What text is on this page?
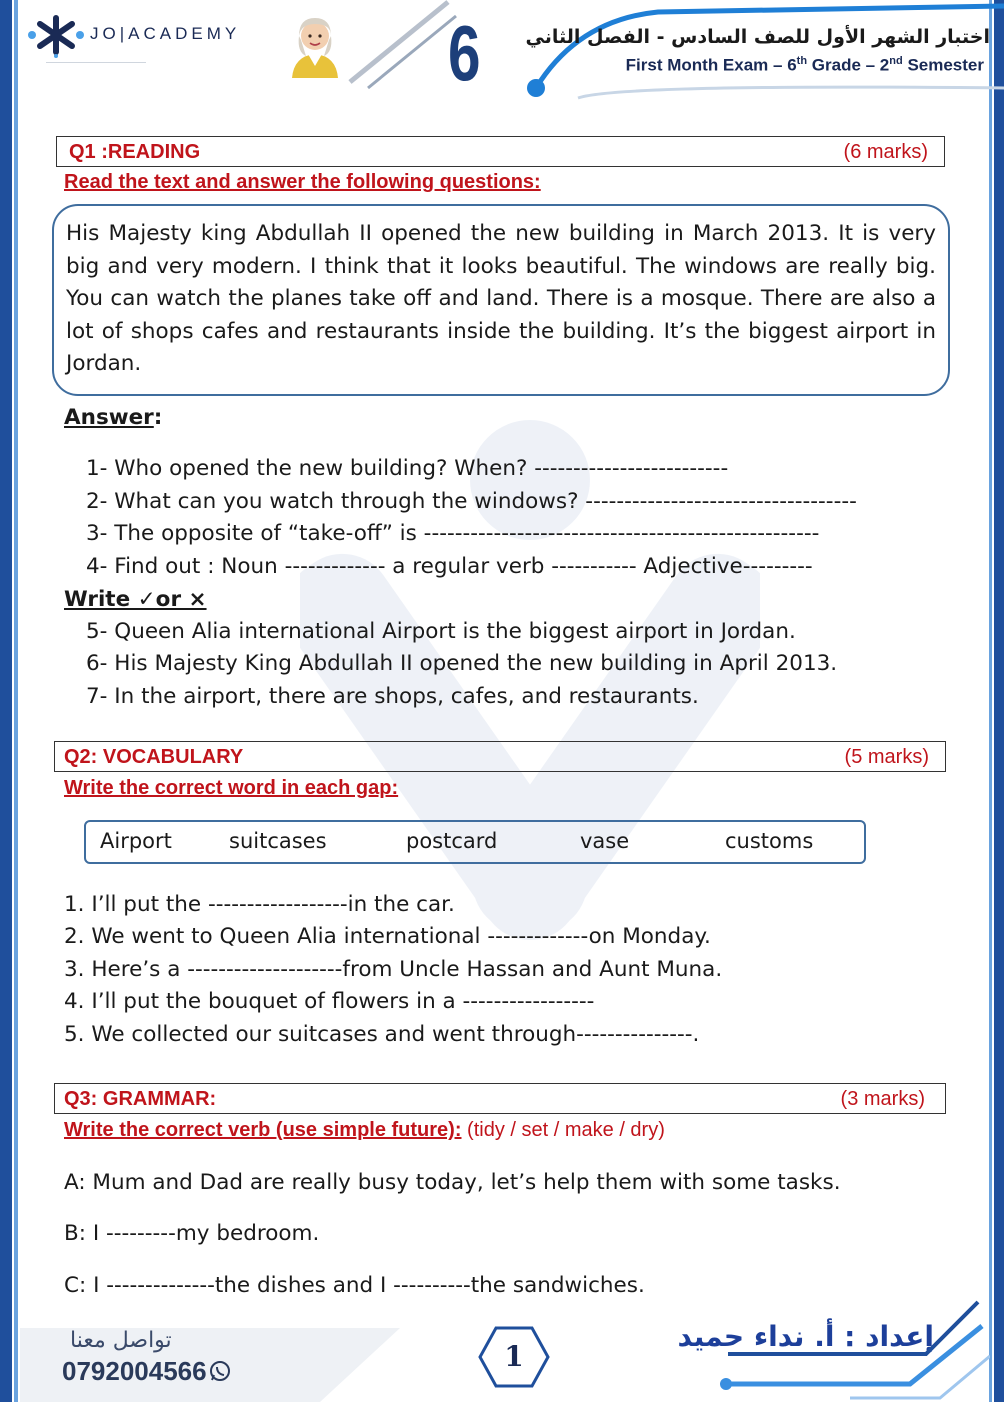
JO|ACADEMY	6 اختبار الشهر الأول للصف السادس - الفصل الثاني
First Month Exam – 6th Grade – 2nd Semester
Q1 :READING	(6 marks)
Read the text and answer the following questions:
His Majesty king Abdullah II opened the new building in March 2013. It is very big and very modern. I think that it looks beautiful. The windows are really big. You can watch the planes take off and land. There is a mosque. There are also a lot of shops cafes and restaurants inside the building. It’s the biggest airport in Jordan.
Answer:
1- Who opened the new building? When? -------------------------
2- What can you watch through the windows? -----------------------------------
3- The opposite of “take-off” is ---------------------------------------------------
4- Find out : Noun ------------- a regular verb ----------- Adjective---------
Write ✓or ×
5- Queen Alia international Airport is the biggest airport in Jordan.
6- His Majesty King Abdullah II opened the new building in April 2013.
7- In the airport, there are shops, cafes, and restaurants.
Q2: VOCABULARY	(5 marks)
Write the correct word in each gap:
Airport	suitcases	postcard	vase	customs
1. I’ll put the ------------------in the car.
2. We went to Queen Alia international -------------on Monday.
3. Here’s a --------------------from Uncle Hassan and Aunt Muna.
4. I’ll put the bouquet of flowers in a -----------------
5. We collected our suitcases and went through---------------.
Q3: GRAMMAR:	(3 marks)
Write the correct verb (use simple future): (tidy / set / make / dry)
A: Mum and Dad are really busy today, let’s help them with some tasks.
B: I ---------my bedroom.
C: I --------------the dishes and I ----------the sandwiches.
تواصل معنا
0792004566	1
إعداد : أ. نداء حميد
